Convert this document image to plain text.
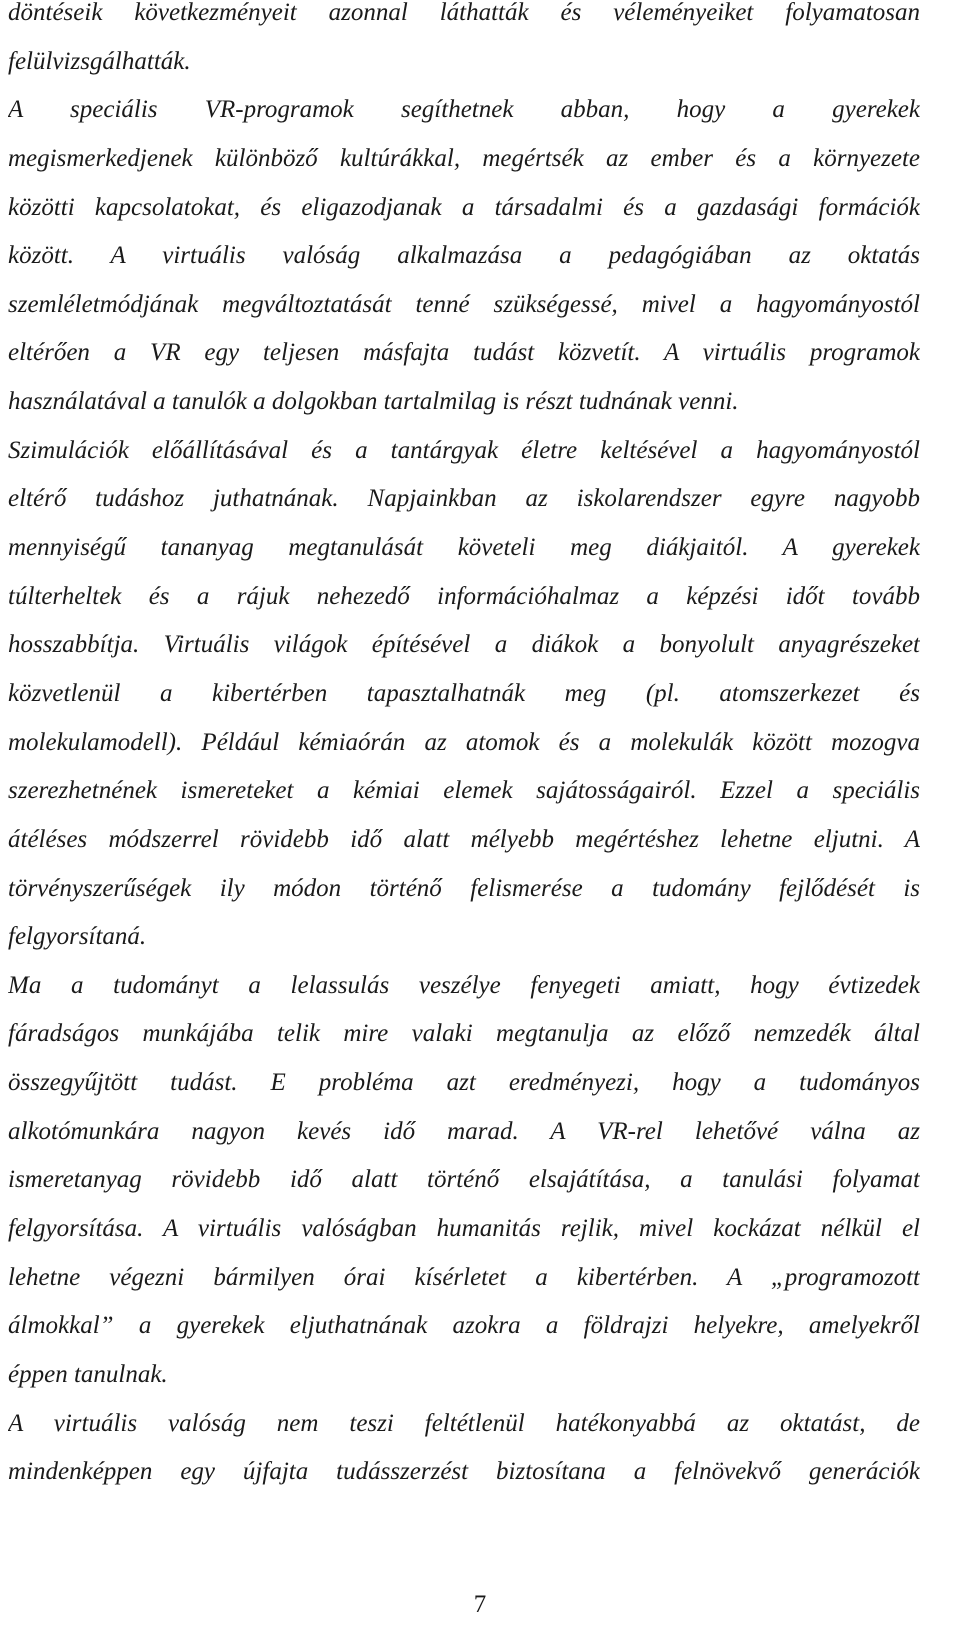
döntéseik következményeit azonnal láthatták és véleményeiket folyamatosan
felülvizsgálhatták.
A speciális VR-programok segíthetnek abban, hogy a gyerekek
megismerkedjenek különböző kultúrákkal, megértsék az ember és a környezete
közötti kapcsolatokat, és eligazodjanak a társadalmi és a gazdasági formációk
között. A virtuális valóság alkalmazása a pedagógiában az oktatás
szemléletmódjának megváltoztatását tenné szükségessé, mivel a hagyományostól
eltérően a VR egy teljesen másfajta tudást közvetít. A virtuális programok
használatával a tanulók a dolgokban tartalmilag is részt tudnának venni.
Szimulációk előállításával és a tantárgyak életre keltésével a hagyományostól
eltérő tudáshoz juthatnának. Napjainkban az iskolarendszer egyre nagyobb
mennyiségű tananyag megtanulását követeli meg diákjaitól. A gyerekek
túlterheltek és a rájuk nehezedő információhalmaz a képzési időt tovább
hosszabbítja. Virtuális világok építésével a diákok a bonyolult anyagrészeket
közvetlenül a kibertérben tapasztalhatnák meg (pl. atomszerkezet és
molekulamodell). Például kémiaórán az atomok és a molekulák között mozogva
szerezhetnének ismereteket a kémiai elemek sajátosságairól. Ezzel a speciális
átéléses módszerrel rövidebb idő alatt mélyebb megértéshez lehetne eljutni. A
törvényszerűségek ily módon történő felismerése a tudomány fejlődését is
felgyorsítaná.
Ma a tudományt a lelassulás veszélye fenyegeti amiatt, hogy évtizedek
fáradságos munkájába telik mire valaki megtanulja az előző nemzedék által
összegyűjtött tudást. E probléma azt eredményezi, hogy a tudományos
alkotómunkára nagyon kevés idő marad. A VR-rel lehetővé válna az
ismeretanyag rövidebb idő alatt történő elsajátítása, a tanulási folyamat
felgyorsítása. A virtuális valóságban humanitás rejlik, mivel kockázat nélkül el
lehetne végezni bármilyen órai kísérletet a kibertérben. A „programozott
álmokkal” a gyerekek eljuthatnának azokra a földrajzi helyekre, amelyekről
éppen tanulnak.
A virtuális valóság nem teszi feltétlenül hatékonyabbá az oktatást, de
mindenképpen egy újfajta tudásszerzést biztosítana a felnövekvő generációk
7
